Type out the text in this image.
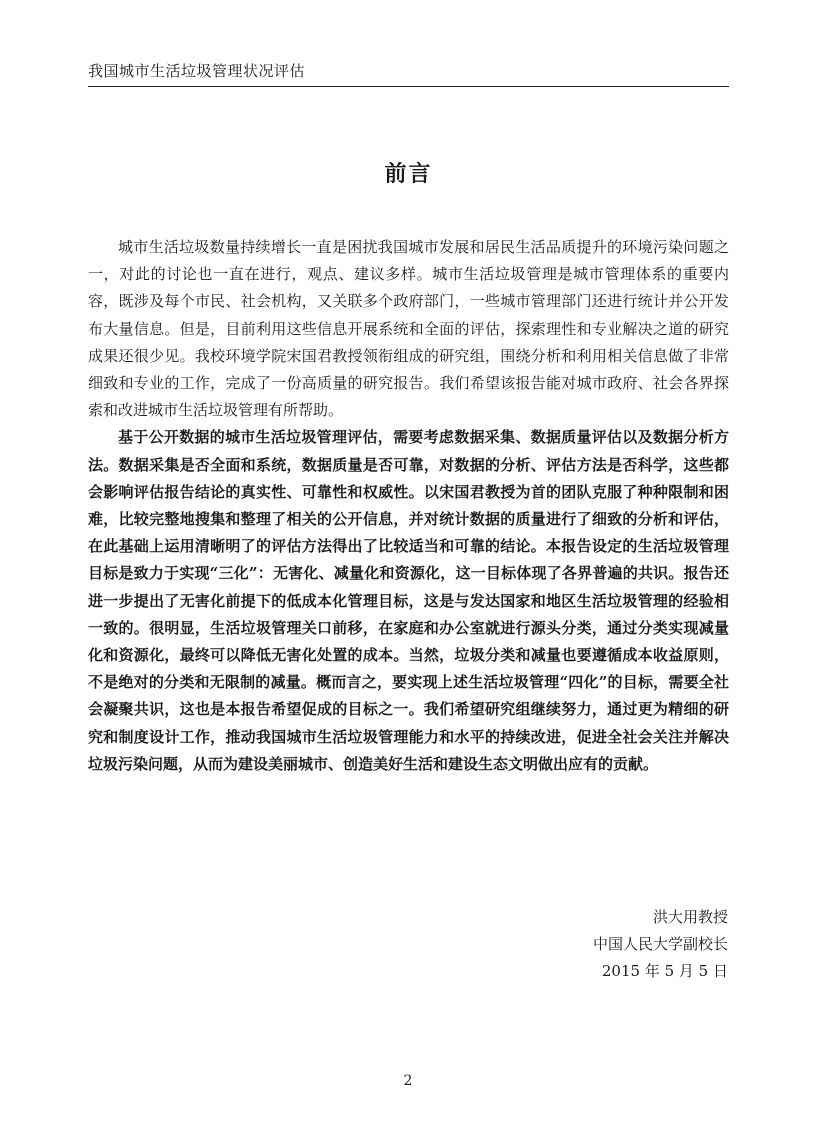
我国城市生活垃圾管理状况评估
前言

城市生活垃圾数量持续增长一直是困扰我国城市发展和居民生活品质提升的环境污染问题之一，对此的讨论也一直在进行，观点、建议多样。城市生活垃圾管理是城市管理体系的重要内容，既涉及每个市民、社会机构，又关联多个政府部门，一些城市管理部门还进行统计并公开发布大量信息。但是，目前利用这些信息开展系统和全面的评估，探索理性和专业解决之道的研究成果还很少见。我校环境学院宋国君教授领衔组成的研究组，围绕分析和利用相关信息做了非常细致和专业的工作，完成了一份高质量的研究报告。我们希望该报告能对城市政府、社会各界探索和改进城市生活垃圾管理有所帮助。

基于公开数据的城市生活垃圾管理评估，需要考虑数据采集、数据质量评估以及数据分析方法。数据采集是否全面和系统，数据质量是否可靠，对数据的分析、评估方法是否科学，这些都会影响评估报告结论的真实性、可靠性和权威性。以宋国君教授为首的团队克服了种种限制和困难，比较完整地搜集和整理了相关的公开信息，并对统计数据的质量进行了细致的分析和评估，在此基础上运用清晰明了的评估方法得出了比较适当和可靠的结论。本报告设定的生活垃圾管理目标是致力于实现“三化”：无害化、减量化和资源化，这一目标体现了各界普遍的共识。报告还进一步提出了无害化前提下的低成本化管理目标，这是与发达国家和地区生活垃圾管理的经验相一致的。很明显，生活垃圾管理关口前移，在家庭和办公室就进行源头分类，通过分类实现减量化和资源化，最终可以降低无害化处置的成本。当然，垃圾分类和减量也要遵循成本收益原则，不是绝对的分类和无限制的减量。概而言之，要实现上述生活垃圾管理“四化”的目标，需要全社会凝聚共识，这也是本报告希望促成的目标之一。我们希望研究组继续努力，通过更为精细的研究和制度设计工作，推动我国城市生活垃圾管理能力和水平的持续改进，促进全社会关注并解决垃圾污染问题，从而为建设美丽城市、创造美好生活和建设生态文明做出应有的贡献。

洪大用教授
中国人民大学副校长
2015 年 5 月 5 日
2
